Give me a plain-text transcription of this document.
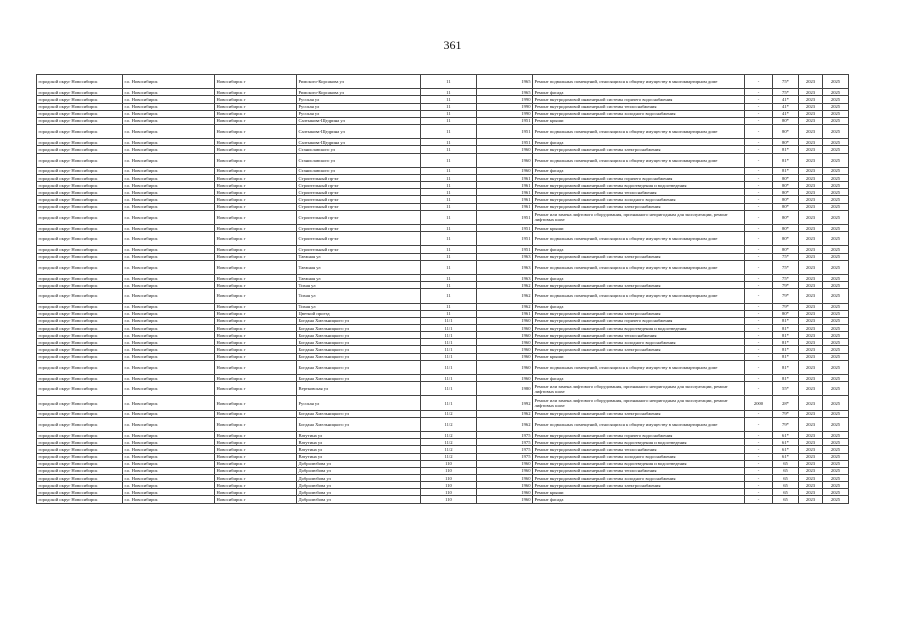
361
городской округ Новосибирск	г.о. Новосибирск	Новосибирск г	Римского-Корсакова ул	11	1965	Ремонт подвальных помещений, относящихся к общему имуществу в многоквартирном доме	-	75*	2023	2025
городской округ Новосибирск	г.о. Новосибирск	Новосибирск г	Римского-Корсакова ул	11	1965	Ремонт фасада	-	75*	2023	2025
городской округ Новосибирск	г.о. Новосибирск	Новосибирск г	Русская ул	11	1990	Ремонт внутридомовой инженерной системы горячего водоснабжения	-	41*	2023	2025
городской округ Новосибирск	г.о. Новосибирск	Новосибирск г	Русская ул	11	1990	Ремонт внутридомовой инженерной системы теплоснабжения	-	41*	2023	2025
городской округ Новосибирск	г.о. Новосибирск	Новосибирск г	Русская ул	11	1990	Ремонт внутридомовой инженерной системы холодного водоснабжения	-	41*	2023	2025
городской округ Новосибирск	г.о. Новосибирск	Новосибирск г	Салтыкова-Щедрина ул	11	1951	Ремонт крыши	-	80*	2023	2025
городской округ Новосибирск	г.о. Новосибирск	Новосибирск г	Салтыкова-Щедрина ул	11	1951	Ремонт подвальных помещений, относящихся к общему имуществу в многоквартирном доме	-	80*	2023	2025
городской округ Новосибирск	г.о. Новосибирск	Новосибирск г	Салтыкова-Щедрина ул	11	1951	Ремонт фасада	-	80*	2023	2025
городской округ Новосибирск	г.о. Новосибирск	Новосибирск г	Станиславского ул	11	1960	Ремонт внутридомовой инженерной системы электроснабжения	-	81*	2023	2025
городской округ Новосибирск	г.о. Новосибирск	Новосибирск г	Станиславского ул	11	1960	Ремонт подвальных помещений, относящихся к общему имуществу в многоквартирном доме	-	81*	2023	2025
городской округ Новосибирск	г.о. Новосибирск	Новосибирск г	Станиславского ул	11	1960	Ремонт фасада	-	81*	2023	2025
городской округ Новосибирск	г.о. Новосибирск	Новосибирск г	Строительный пр-кт	11	1961	Ремонт внутридомовой инженерной системы горячего водоснабжения	-	80*	2023	2025
городской округ Новосибирск	г.о. Новосибирск	Новосибирск г	Строительный пр-кт	11	1961	Ремонт внутридомовой инженерной системы водоотведения и водоотведения	-	80*	2023	2025
городской округ Новосибирск	г.о. Новосибирск	Новосибирск г	Строительный пр-кт	11	1961	Ремонт внутридомовой инженерной системы теплоснабжения	-	80*	2023	2025
городской округ Новосибирск	г.о. Новосибирск	Новосибирск г	Строительный пр-кт	11	1961	Ремонт внутридомовой инженерной системы холодного водоснабжения	-	80*	2023	2025
городской округ Новосибирск	г.о. Новосибирск	Новосибирск г	Строительный пр-кт	11	1961	Ремонт внутридомовой инженерной системы электроснабжения	-	80*	2023	2025
городской округ Новосибирск	г.о. Новосибирск	Новосибирск г	Строительный пр-кт	11	1951	Ремонт или замена лифтового оборудования, признанного непригодным для эксплуатации, ремонт лифтовых шахт	-	80*	2023	2025
городской округ Новосибирск	г.о. Новосибирск	Новосибирск г	Строительный пр-кт	11	1951	Ремонт крыши	-	80*	2023	2025
городской округ Новосибирск	г.о. Новосибирск	Новосибирск г	Строительный пр-кт	11	1951	Ремонт подвальных помещений, относящихся к общему имуществу в многоквартирном доме	-	80*	2023	2025
городской округ Новосибирск	г.о. Новосибирск	Новосибирск г	Строительный пр-кт	11	1951	Ремонт фасада	-	80*	2023	2025
городской округ Новосибирск	г.о. Новосибирск	Новосибирск г	Таежная ул	11	1963	Ремонт внутридомовой инженерной системы электроснабжения	-	75*	2023	2025
городской округ Новосибирск	г.о. Новосибирск	Новосибирск г	Таежная ул	11	1963	Ремонт подвальных помещений, относящихся к общему имуществу в многоквартирном доме	-	75*	2023	2025
городской округ Новосибирск	г.о. Новосибирск	Новосибирск г	Таежная ул	11	1963	Ремонт фасада	-	75*	2023	2025
городской округ Новосибирск	г.о. Новосибирск	Новосибирск г	Тихая ул	11	1962	Ремонт внутридомовой инженерной системы электроснабжения	-	79*	2023	2025
городской округ Новосибирск	г.о. Новосибирск	Новосибирск г	Тихая ул	11	1962	Ремонт подвальных помещений, относящихся к общему имуществу в многоквартирном доме	-	79*	2023	2025
городской округ Новосибирск	г.о. Новосибирск	Новосибирск г	Тихая ул	11	1962	Ремонт фасада	-	79*	2023	2025
городской округ Новосибирск	г.о. Новосибирск	Новосибирск г	Цветной проезд	11	1961	Ремонт внутридомовой инженерной системы электроснабжения	-	80*	2023	2025
городской округ Новосибирск	г.о. Новосибирск	Новосибирск г	Богдана Хмельницкого ул	11/1	1960	Ремонт внутридомовой инженерной системы горячего водоснабжения	-	81*	2023	2025
городской округ Новосибирск	г.о. Новосибирск	Новосибирск г	Богдана Хмельницкого ул	11/1	1960	Ремонт внутридомовой инженерной системы водоотведения и водоотведения	-	81*	2023	2025
городской округ Новосибирск	г.о. Новосибирск	Новосибирск г	Богдана Хмельницкого ул	11/1	1960	Ремонт внутридомовой инженерной системы теплоснабжения	-	81*	2023	2025
городской округ Новосибирск	г.о. Новосибирск	Новосибирск г	Богдана Хмельницкого ул	11/1	1960	Ремонт внутридомовой инженерной системы холодного водоснабжения	-	81*	2023	2025
городской округ Новосибирск	г.о. Новосибирск	Новосибирск г	Богдана Хмельницкого ул	11/1	1960	Ремонт внутридомовой инженерной системы электроснабжения	-	81*	2023	2025
городской округ Новосибирск	г.о. Новосибирск	Новосибирск г	Богдана Хмельницкого ул	11/1	1960	Ремонт крыши	-	81*	2023	2025
городской округ Новосибирск	г.о. Новосибирск	Новосибирск г	Богдана Хмельницкого ул	11/1	1960	Ремонт подвальных помещений, относящихся к общему имуществу в многоквартирном доме	-	81*	2023	2025
городской округ Новосибирск	г.о. Новосибирск	Новосибирск г	Богдана Хмельницкого ул	11/1	1960	Ремонт фасада	-	81*	2023	2025
городской округ Новосибирск	г.о. Новосибирск	Новосибирск г	Вертковская ул	11/1	1980	Ремонт или замена лифтового оборудования, признанного непригодным для эксплуатации, ремонт лифтовых шахт	-	55*	2023	2025
городской округ Новосибирск	г.о. Новосибирск	Новосибирск г	Русская ул	11/1	1992	Ремонт или замена лифтового оборудования, признанного непригодным для эксплуатации, ремонт лифтовых шахт	2000	28*	2023	2025
городской округ Новосибирск	г.о. Новосибирск	Новосибирск г	Богдана Хмельницкого ул	11/2	1962	Ремонт внутридомовой инженерной системы электроснабжения	-	79*	2023	2025
городской округ Новосибирск	г.о. Новосибирск	Новосибирск г	Богдана Хмельницкого ул	11/2	1962	Ремонт подвальных помещений, относящихся к общему имуществу в многоквартирном доме	-	79*	2023	2025
городской округ Новосибирск	г.о. Новосибирск	Новосибирск г	Ватутина ул	11/2	1975	Ремонт внутридомовой инженерной системы горячего водоснабжения	-	61*	2023	2025
городской округ Новосибирск	г.о. Новосибирск	Новосибирск г	Ватутина ул	11/2	1975	Ремонт внутридомовой инженерной системы водоотведения и водоотведения	-	61*	2023	2025
городской округ Новосибирск	г.о. Новосибирск	Новосибирск г	Ватутина ул	11/2	1975	Ремонт внутридомовой инженерной системы теплоснабжения	-	61*	2023	2025
городской округ Новосибирск	г.о. Новосибирск	Новосибирск г	Ватутина ул	11/2	1975	Ремонт внутридомовой инженерной системы холодного водоснабжения	-	61*	2023	2025
городской округ Новосибирск	г.о. Новосибирск	Новосибирск г	Добролюбова ул	110	1960	Ремонт внутридомовой инженерной системы водоотведения и водоотведения	-	65	2023	2025
городской округ Новосибирск	г.о. Новосибирск	Новосибирск г	Добролюбова ул	110	1960	Ремонт внутридомовой инженерной системы теплоснабжения	-	65	2023	2025
городской округ Новосибирск	г.о. Новосибирск	Новосибирск г	Добролюбова ул	110	1960	Ремонт внутридомовой инженерной системы холодного водоснабжения	-	65	2023	2025
городской округ Новосибирск	г.о. Новосибирск	Новосибирск г	Добролюбова ул	110	1960	Ремонт внутридомовой инженерной системы электроснабжения	-	65	2023	2025
городской округ Новосибирск	г.о. Новосибирск	Новосибирск г	Добролюбова ул	110	1960	Ремонт крыши	-	65	2023	2025
городской округ Новосибирск	г.о. Новосибирск	Новосибирск г	Добролюбова ул	110	1960	Ремонт фасада	-	65	2023	2025
